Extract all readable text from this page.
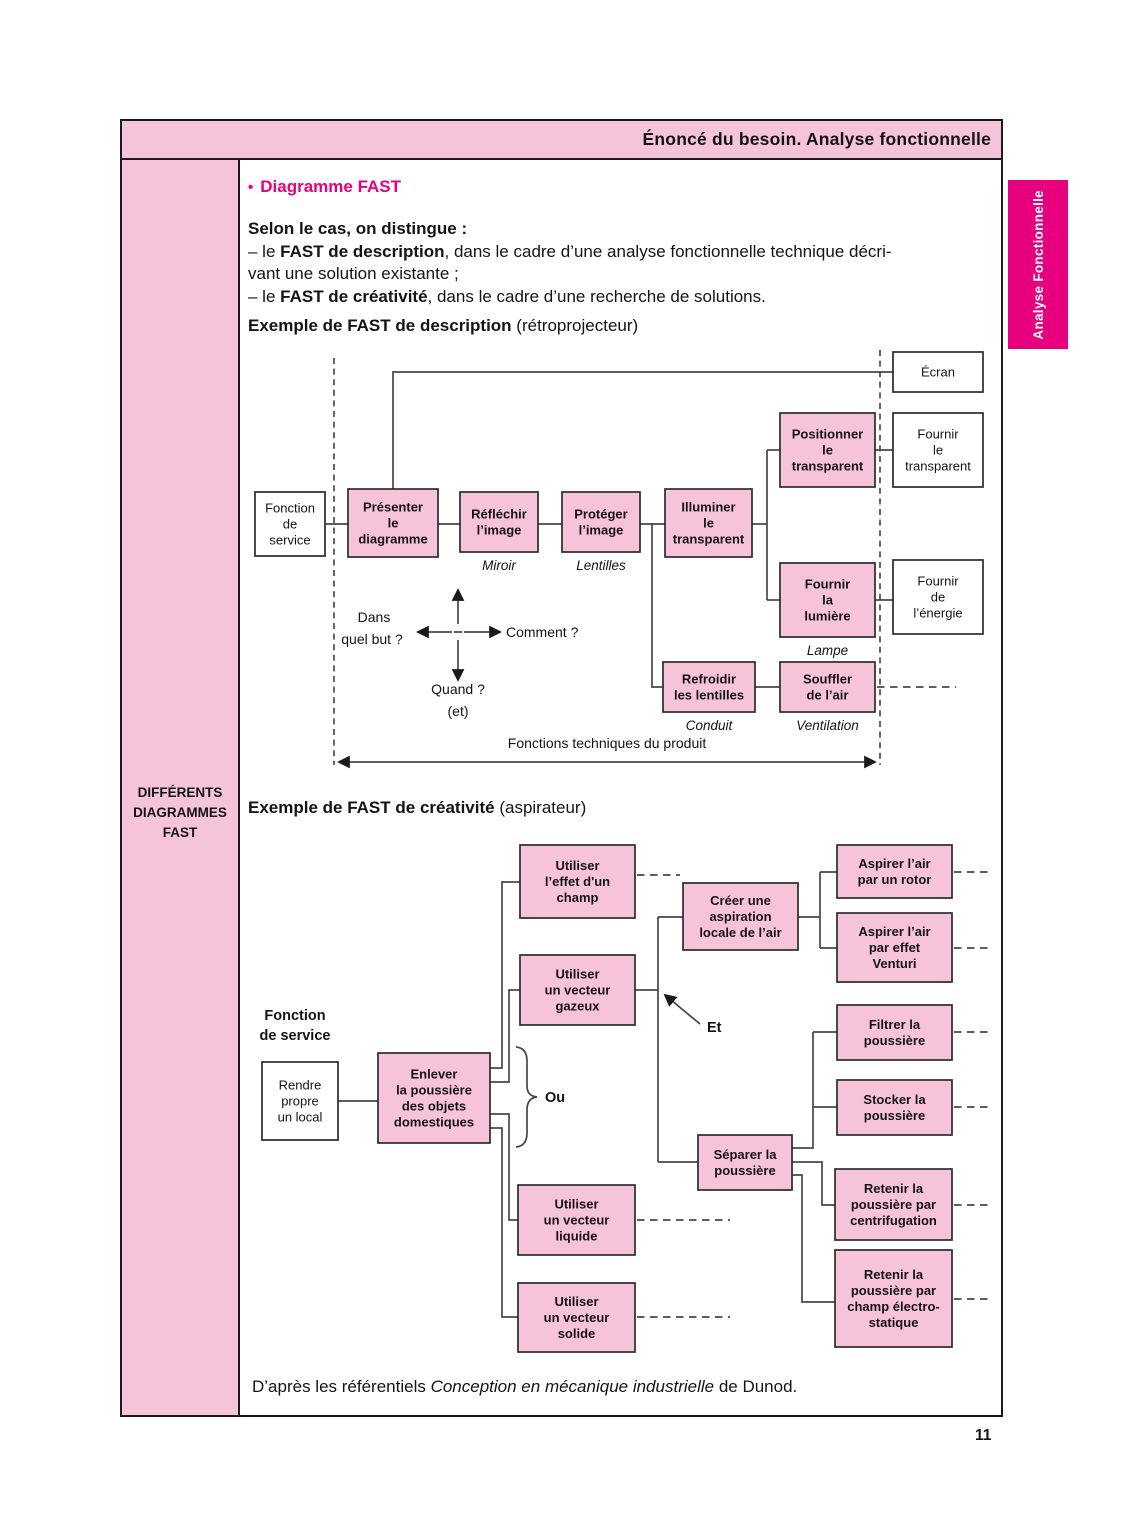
Énoncé du besoin. Analyse fonctionnelle
DIFFÉRENTS
DIAGRAMMES
FAST
Analyse Fonctionnelle
• Diagramme FAST
Selon le cas, on distingue :
– le FAST de description, dans le cadre d’une analyse fonctionnelle technique décri-
vant une solution existante ;
– le FAST de créativité, dans le cadre d’une recherche de solutions.
Exemple de FAST de description (rétroprojecteur)
Fonction de service
Présenter le diagramme
Réfléchir l’image
Miroir
Protéger l’image
Lentilles
Illuminer le transparent
Positionner le transparent
Écran
Fournir le transparent
Fournir la lumière
Lampe
Fournir de l’énergie
Refroidir les lentilles
Conduit
Souffler de l’air
Ventilation
Dans
quel but ?	Comment ?
Quand ?
(et)
Fonctions techniques du produit
Exemple de FAST de créativité (aspirateur)
Rendre propre un local
Enlever la poussière des objets domestiques
Utiliser l’effet d'un champ
Utiliser un vecteur gazeux
Utiliser un vecteur liquide
Utiliser un vecteur solide
Créer une aspiration locale de l’air
Aspirer l’air par un rotor
Aspirer l’air par effet Venturi
Filtrer la poussière
Stocker la poussière
Séparer la poussière
Retenir la poussière par centrifugation
Retenir la poussière par champ électro-statique
Fonction
de service
Ou
Et
D’après les référentiels Conception en mécanique industrielle de Dunod.
11
